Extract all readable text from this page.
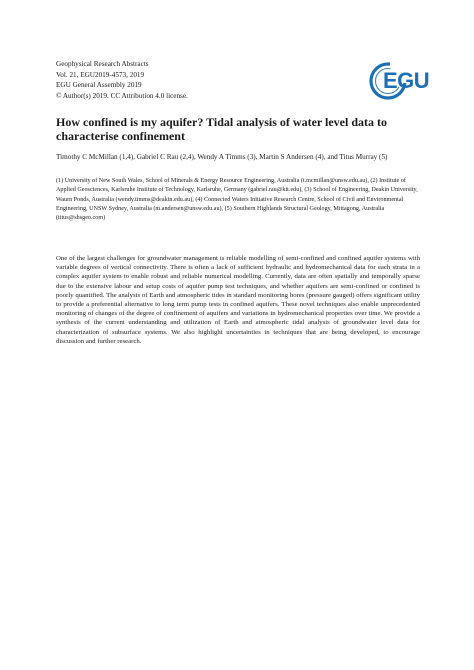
Geophysical Research Abstracts
Vol. 21, EGU2019-4573, 2019
EGU General Assembly 2019
© Author(s) 2019. CC Attribution 4.0 license.
EGU
How confined is my aquifer? Tidal analysis of water level data to characterise confinement
Timothy C McMillan (1,4), Gabriel C Rau (2,4), Wendy A Timms (3), Martin S Andersen (4), and Titus Murray (5)
(1) University of New South Wales, School of Minerals & Energy Resource Engineering, Australia (t.mcmillan@unsw.edu.au), (2) Institute of Applied Geosciences, Karlsruhe Institute of Technology, Karlsruhe, Germany (gabriel.rau@kit.edu), (3) School of Engineering, Deakin University, Waurn Ponds, Australia (wendy.timms@deakin.edu.au), (4) Connected Waters Initiative Research Centre, School of Civil and Environmental Engineering, UNSW Sydney, Australia (m.andersen@unsw.edu.au), (5) Southern Highlands Structural Geology, Mittagong, Australia (titus@shsgeo.com)
One of the largest challenges for groundwater management is reliable modelling of semi-confined and confined aquifer systems with variable degrees of vertical connectivity. There is often a lack of sufficient hydraulic and hydromechanical data for each strata in a complex aquifer system to enable robust and reliable numerical modelling. Currently, data are often spatially and temporally sparse due to the extensive labour and setup costs of aquifer pump test techniques, and whether aquifers are semi-confined or confined is poorly quantified. The analysis of Earth and atmospheric tides in standard monitoring bores (pressure gauged) offers significant utility to provide a preferential alternative to long term pump tests in confined aquifers. These novel techniques also enable unprecedented monitoring of changes of the degree of confinement of aquifers and variations in hydromechanical properties over time. We provide a synthesis of the current understanding and utilization of Earth and atmospheric tidal analysis of groundwater level data for characterization of subsurface systems. We also highlight uncertainties in techniques that are being developed, to encourage discussion and further research.
